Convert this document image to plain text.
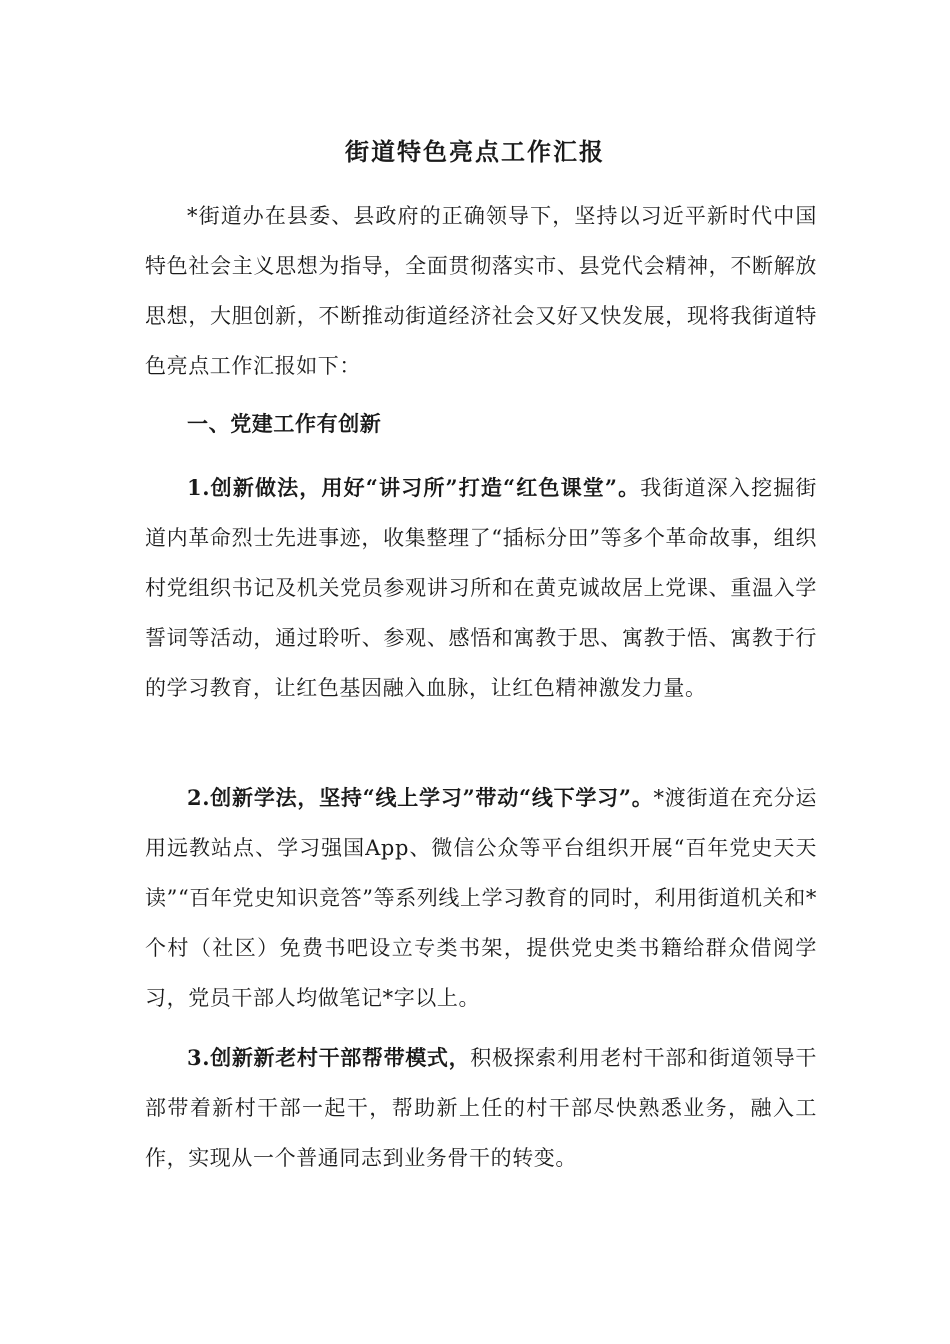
街道特色亮点工作汇报

*街道办在县委、县政府的正确领导下，坚持以习近平新时代中国特色社会主义思想为指导，全面贯彻落实市、县党代会精神，不断解放思想，大胆创新，不断推动街道经济社会又好又快发展，现将我街道特色亮点工作汇报如下：

一、党建工作有创新

1.创新做法，用好“讲习所”打造“红色课堂”。我街道深入挖掘街道内革命烈士先进事迹，收集整理了“插标分田”等多个革命故事，组织村党组织书记及机关党员参观讲习所和在黄克诚故居上党课、重温入学誓词等活动，通过聆听、参观、感悟和寓教于思、寓教于悟、寓教于行的学习教育，让红色基因融入血脉，让红色精神激发力量。

2.创新学法，坚持“线上学习”带动“线下学习”。*渡街道在充分运用远教站点、学习强国App、微信公众等平台组织开展“百年党史天天读”“百年党史知识竞答”等系列线上学习教育的同时，利用街道机关和*个村（社区）免费书吧设立专类书架，提供党史类书籍给群众借阅学习，党员干部人均做笔记*字以上。

3.创新新老村干部帮带模式，积极探索利用老村干部和街道领导干部带着新村干部一起干，帮助新上任的村干部尽快熟悉业务，融入工作，实现从一个普通同志到业务骨干的转变。
